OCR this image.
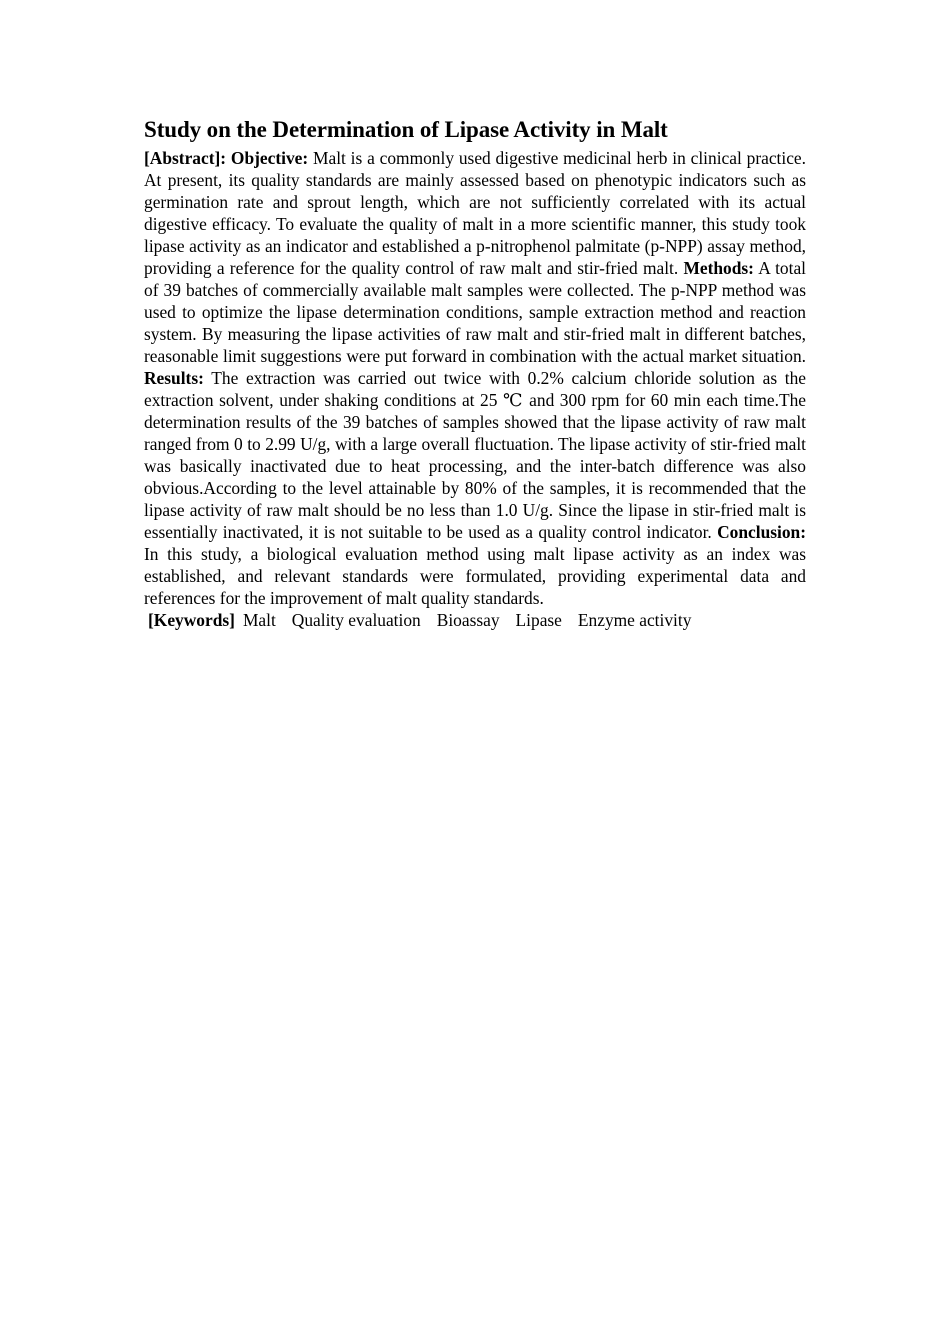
Study on the Determination of Lipase Activity in Malt

[Abstract]: Objective: Malt is a commonly used digestive medicinal herb in clinical practice. At present, its quality standards are mainly assessed based on phenotypic indicators such as germination rate and sprout length, which are not sufficiently correlated with its actual digestive efficacy. To evaluate the quality of malt in a more scientific manner, this study took lipase activity as an indicator and established a p-nitrophenol palmitate (p-NPP) assay method, providing a reference for the quality control of raw malt and stir-fried malt. Methods: A total of 39 batches of commercially available malt samples were collected. The p-NPP method was used to optimize the lipase determination conditions, sample extraction method and reaction system. By measuring the lipase activities of raw malt and stir-fried malt in different batches, reasonable limit suggestions were put forward in combination with the actual market situation. Results: The extraction was carried out twice with 0.2% calcium chloride solution as the extraction solvent, under shaking conditions at 25 ℃ and 300 rpm for 60 min each time.The determination results of the 39 batches of samples showed that the lipase activity of raw malt ranged from 0 to 2.99 U/g, with a large overall fluctuation. The lipase activity of stir-fried malt was basically inactivated due to heat processing, and the inter-batch difference was also obvious.According to the level attainable by 80% of the samples, it is recommended that the lipase activity of raw malt should be no less than 1.0 U/g. Since the lipase in stir-fried malt is essentially inactivated, it is not suitable to be used as a quality control indicator. Conclusion: In this study, a biological evaluation method using malt lipase activity as an index was established, and relevant standards were formulated, providing experimental data and references for the improvement of malt quality standards.

[Keywords] Malt Quality evaluation Bioassay Lipase Enzyme activity
